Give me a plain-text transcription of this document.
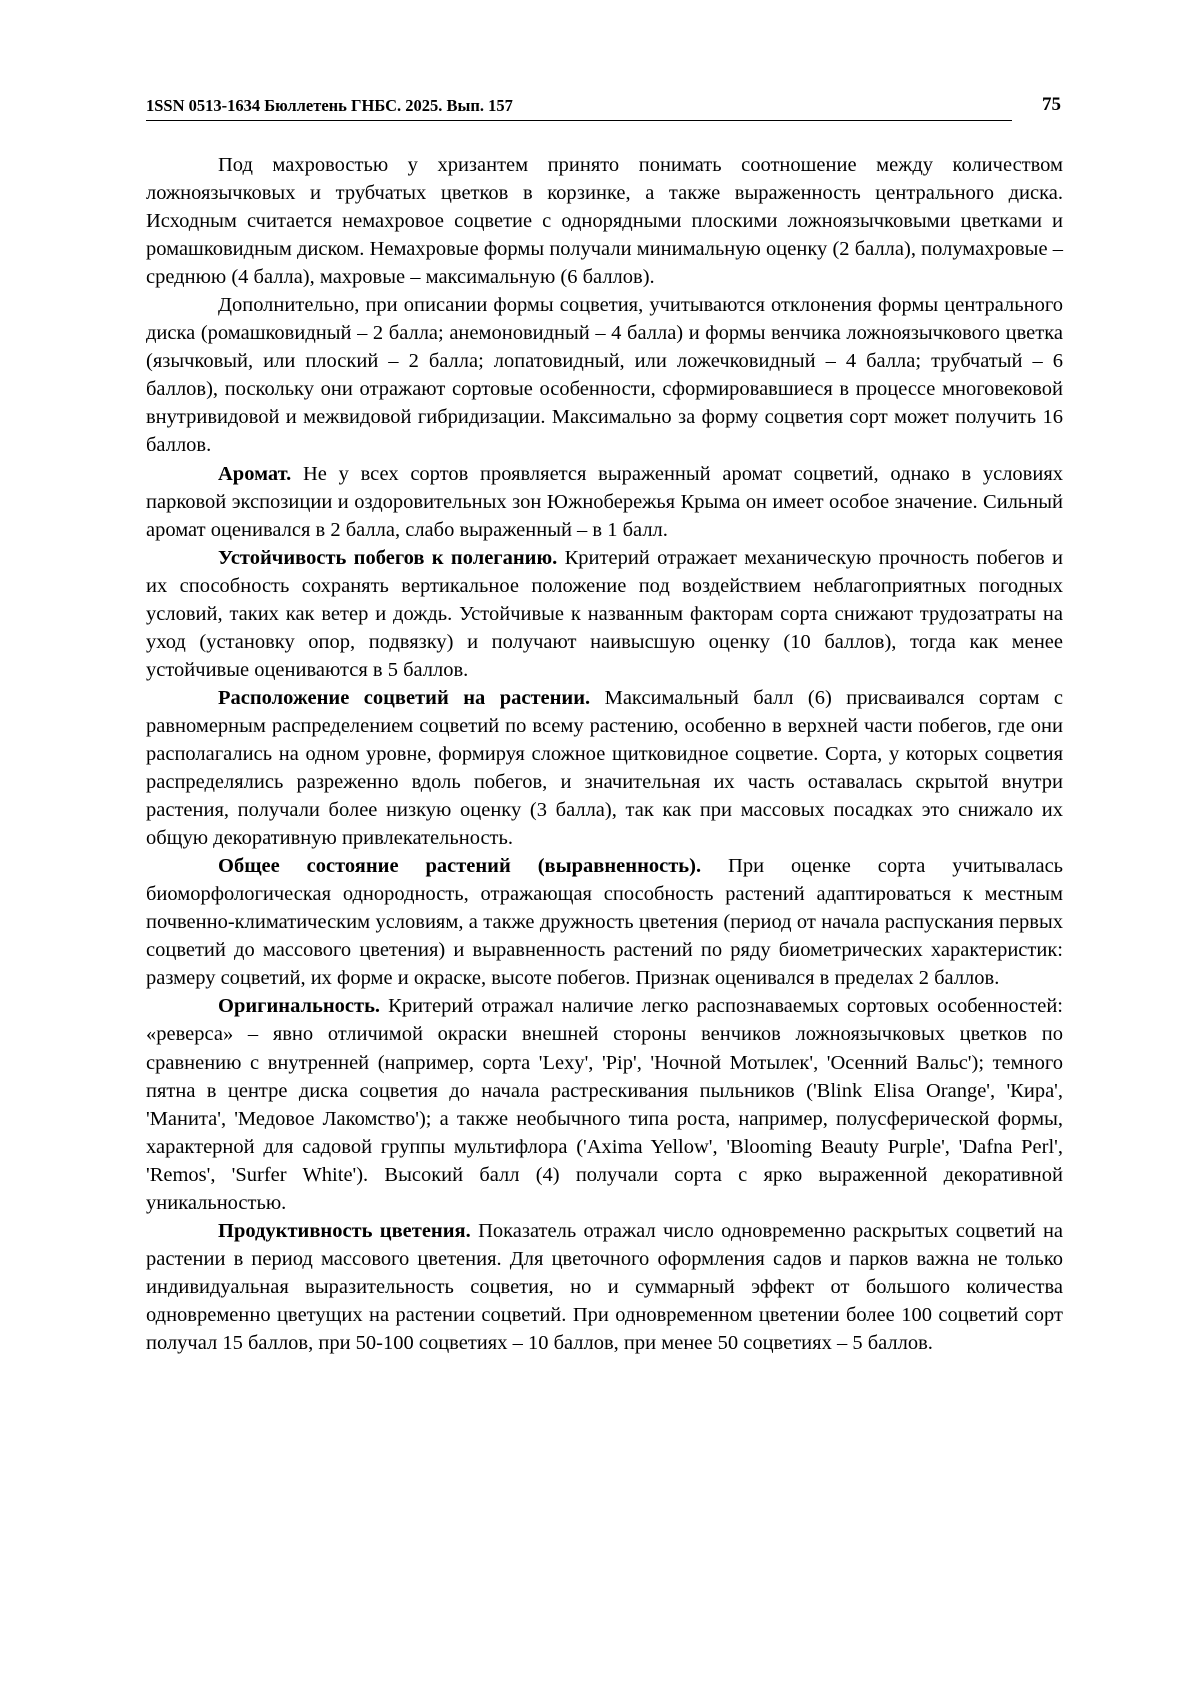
1SSN 0513-1634 Бюллетень ГНБС. 2025. Вып. 157	75

Под махровостью у хризантем принято понимать соотношение между количеством ложноязычковых и трубчатых цветков в корзинке, а также выраженность центрального диска. Исходным считается немахровое соцветие с однорядными плоскими ложноязычковыми цветками и ромашковидным диском. Немахровые формы получали минимальную оценку (2 балла), полумахровые – среднюю (4 балла), махровые – максимальную (6 баллов).

Дополнительно, при описании формы соцветия, учитываются отклонения формы центрального диска (ромашковидный – 2 балла; анемоновидный – 4 балла) и формы венчика ложноязычкового цветка (язычковый, или плоский – 2 балла; лопатовидный, или ложечковидный – 4 балла; трубчатый – 6 баллов), поскольку они отражают сортовые особенности, сформировавшиеся в процессе многовековой внутривидовой и межвидовой гибридизации. Максимально за форму соцветия сорт может получить 16 баллов.

Аромат. Не у всех сортов проявляется выраженный аромат соцветий, однако в условиях парковой экспозиции и оздоровительных зон Южнобережья Крыма он имеет особое значение. Сильный аромат оценивался в 2 балла, слабо выраженный – в 1 балл.

Устойчивость побегов к полеганию. Критерий отражает механическую прочность побегов и их способность сохранять вертикальное положение под воздействием неблагоприятных погодных условий, таких как ветер и дождь. Устойчивые к названным факторам сорта снижают трудозатраты на уход (установку опор, подвязку) и получают наивысшую оценку (10 баллов), тогда как менее устойчивые оцениваются в 5 баллов.

Расположение соцветий на растении. Максимальный балл (6) присваивался сортам с равномерным распределением соцветий по всему растению, особенно в верхней части побегов, где они располагались на одном уровне, формируя сложное щитковидное соцветие. Сорта, у которых соцветия распределялись разреженно вдоль побегов, и значительная их часть оставалась скрытой внутри растения, получали более низкую оценку (3 балла), так как при массовых посадках это снижало их общую декоративную привлекательность.

Общее состояние растений (выравненность). При оценке сорта учитывалась биоморфологическая однородность, отражающая способность растений адаптироваться к местным почвенно-климатическим условиям, а также дружность цветения (период от начала распускания первых соцветий до массового цветения) и выравненность растений по ряду биометрических характеристик: размеру соцветий, их форме и окраске, высоте побегов. Признак оценивался в пределах 2 баллов.

Оригинальность. Критерий отражал наличие легко распознаваемых сортовых особенностей: «реверса» – явно отличимой окраски внешней стороны венчиков ложноязычковых цветков по сравнению с внутренней (например, сорта 'Lexy', 'Pip', 'Ночной Мотылек', 'Осенний Вальс'); темного пятна в центре диска соцветия до начала растрескивания пыльников ('Blink Elisa Orange', 'Кира', 'Манита', 'Медовое Лакомство'); а также необычного типа роста, например, полусферической формы, характерной для садовой группы мультифлора ('Axima Yellow', 'Blooming Beauty Purple', 'Dafna Perl', 'Remos', 'Surfer White'). Высокий балл (4) получали сорта с ярко выраженной декоративной уникальностью.

Продуктивность цветения. Показатель отражал число одновременно раскрытых соцветий на растении в период массового цветения. Для цветочного оформления садов и парков важна не только индивидуальная выразительность соцветия, но и суммарный эффект от большого количества одновременно цветущих на растении соцветий. При одновременном цветении более 100 соцветий сорт получал 15 баллов, при 50-100 соцветиях – 10 баллов, при менее 50 соцветиях – 5 баллов.
